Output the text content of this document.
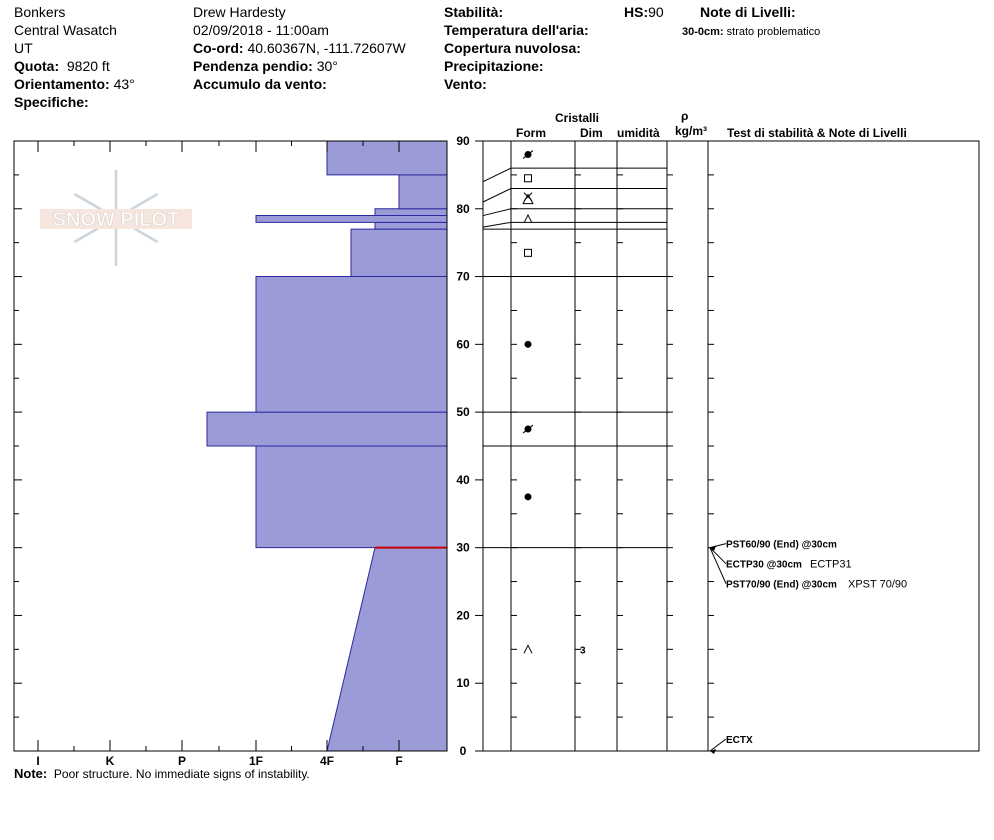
Bonkers
Central Wasatch
UT
Quota: 9820 ft
Orientamento: 43°
Specifiche:
Drew Hardesty
02/09/2018 - 11:00am
Co-ord: 40.60367N, -111.72607W
Pendenza pendio: 30°
Accumulo da vento:
Stabilità:
Temperatura dell'aria:
Copertura nuvolosa:
Precipitazione:
Vento:
HS:90	Note di Livelli:
30-0cm: strato problematico
Cristalli
Form	Dim umidità
ρ
kg/m³ Test di stabilità & Note di Livelli
SNOW PILOT
I	K	P	1F	4F	F
0
10
20
30
40
50
60
70
80
90
3
PST60/90 (End) @30cm
ECTP30 @30cm ECTP31
PST70/90 (End) @30cm XPST 70/90
ECTX
Note: Poor structure. No immediate signs of instability.
